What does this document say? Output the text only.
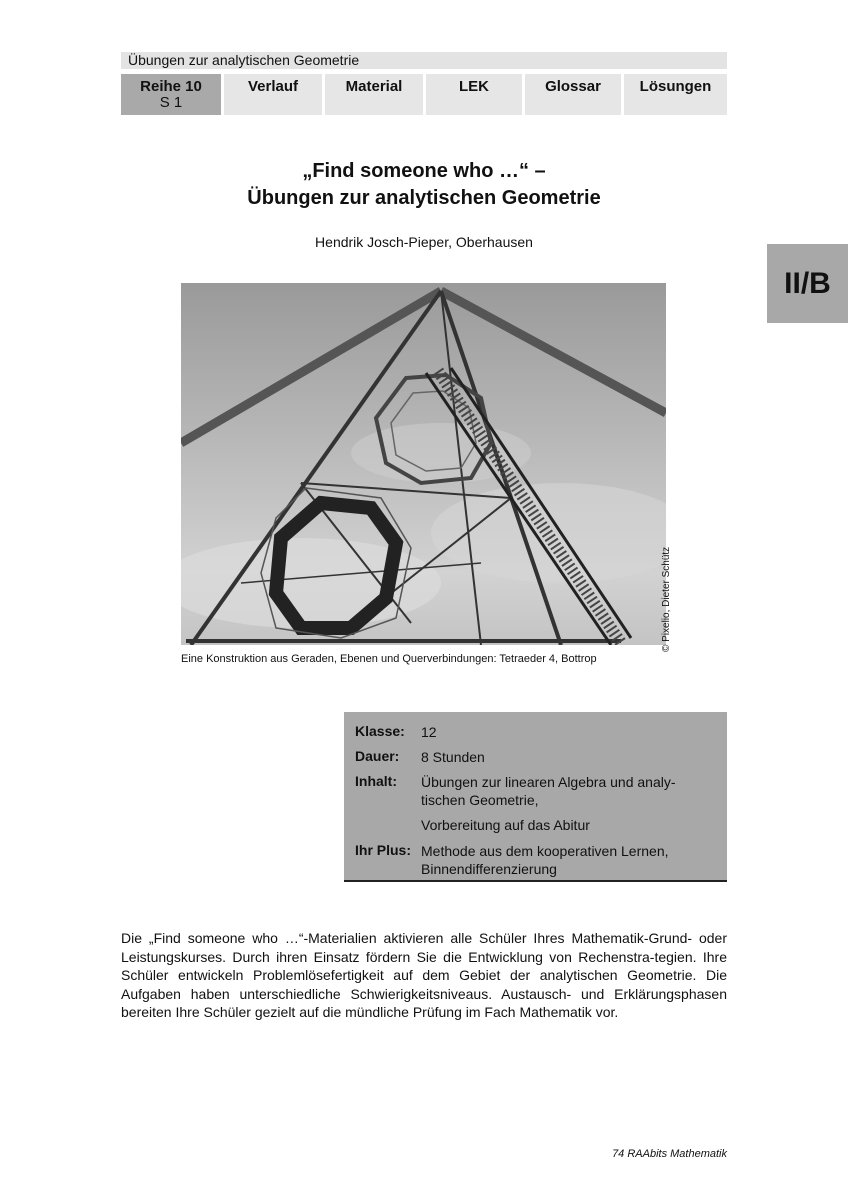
Übungen zur analytischen Geometrie
Reihe 10
S 1
Verlauf	Material	LEK	Glossar	Lösungen
II/B
„Find someone who …“ –
Übungen zur analytischen Geometrie
Hendrik Josch-Pieper, Oberhausen
© Pixelio, Dieter Schütz
Eine Konstruktion aus Geraden, Ebenen und Querverbindungen: Tetraeder 4, Bottrop
Klasse: 12
Dauer: 8 Stunden
Inhalt: Übungen zur linearen Algebra und analy-tischen Geometrie,
Vorbereitung auf das Abitur
Ihr Plus: Methode aus dem kooperativen Lernen, Binnendifferenzierung
Die „Find someone who …“-Materialien aktivieren alle Schüler Ihres Mathematik-Grund- oder Leistungskurses. Durch ihren Einsatz fördern Sie die Entwicklung von Rechenstra-tegien. Ihre Schüler entwickeln Problemlösefertigkeit auf dem Gebiet der analytischen Geometrie. Die Aufgaben haben unterschiedliche Schwierigkeitsniveaus. Austausch- und Erklärungsphasen bereiten Ihre Schüler gezielt auf die mündliche Prüfung im Fach Mathematik vor.
74 RAAbits Mathematik
